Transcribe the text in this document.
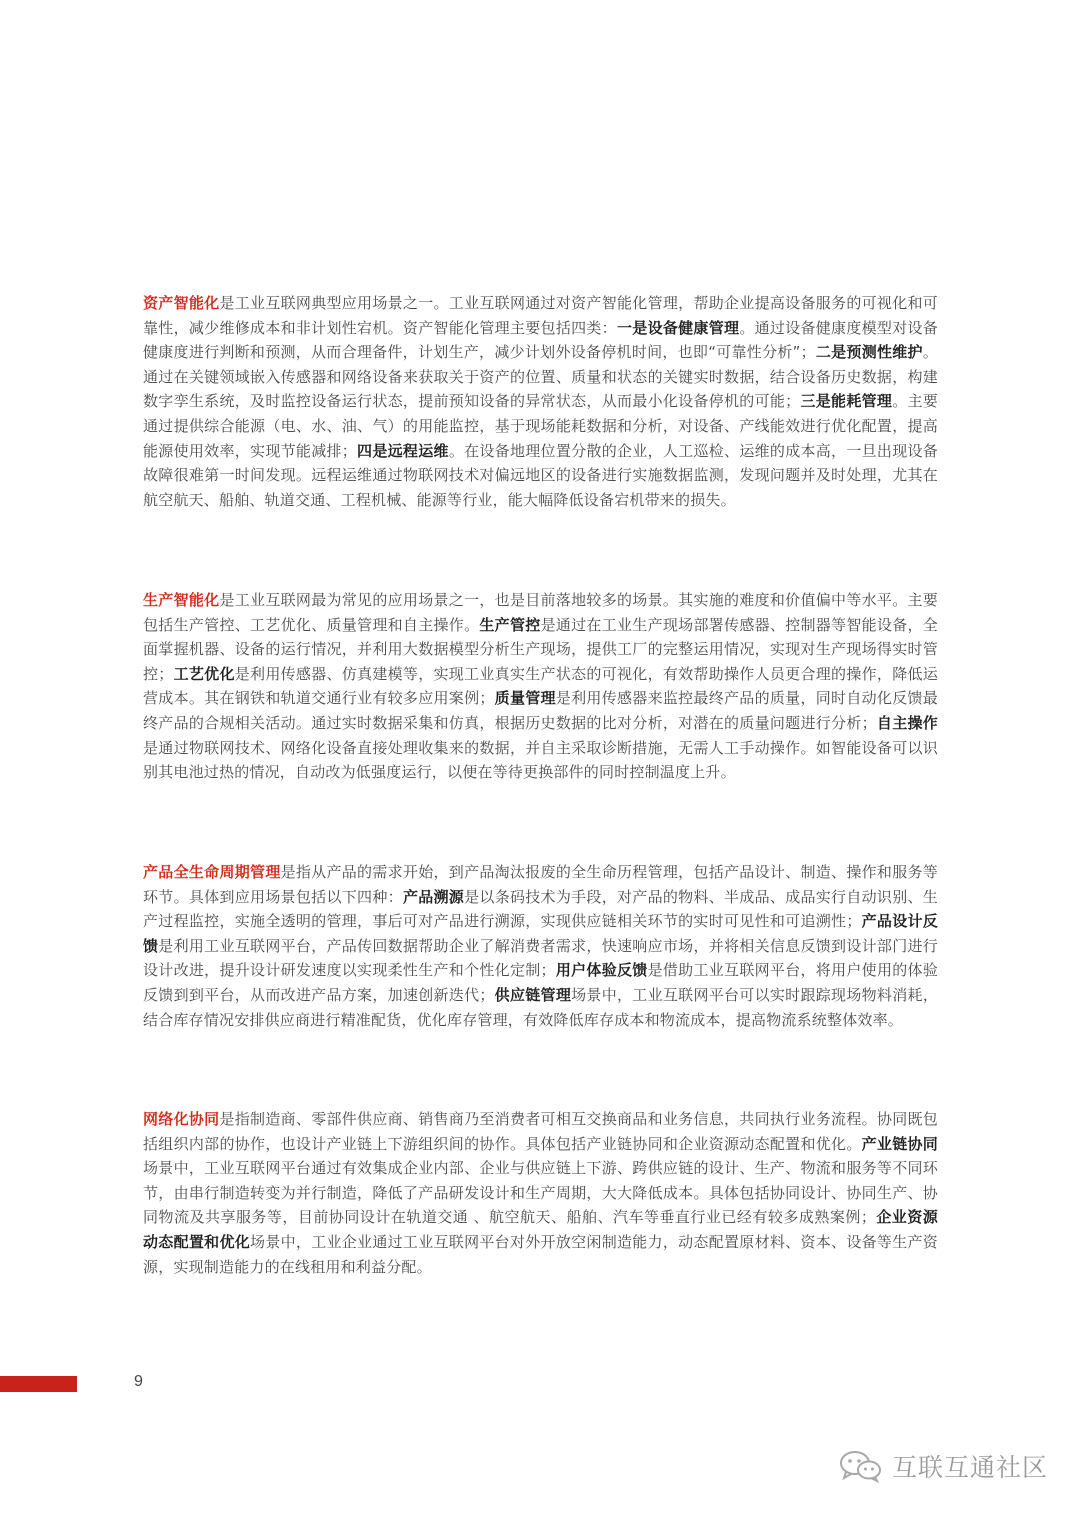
资产智能化是工业互联网典型应用场景之一。工业互联网通过对资产智能化管理，帮助企业提高设备服务的可视化和可靠性，减少维修成本和非计划性宕机。资产智能化管理主要包括四类：一是设备健康管理。通过设备健康度模型对设备健康度进行判断和预测，从而合理备件，计划生产，减少计划外设备停机时间，也即“可靠性分析”；二是预测性维护。通过在关键领域嵌入传感器和网络设备来获取关于资产的位置、质量和状态的关键实时数据，结合设备历史数据，构建数字孪生系统，及时监控设备运行状态，提前预知设备的异常状态，从而最小化设备停机的可能；三是能耗管理。主要通过提供综合能源（电、水、油、气）的用能监控，基于现场能耗数据和分析，对设备、产线能效进行优化配置，提高能源使用效率，实现节能减排；四是远程运维。在设备地理位置分散的企业，人工巡检、运维的成本高，一旦出现设备故障很难第一时间发现。远程运维通过物联网技术对偏远地区的设备进行实施数据监测，发现问题并及时处理，尤其在航空航天、船舶、轨道交通、工程机械、能源等行业，能大幅降低设备宕机带来的损失。

生产智能化是工业互联网最为常见的应用场景之一，也是目前落地较多的场景。其实施的难度和价值偏中等水平。主要包括生产管控、工艺优化、质量管理和自主操作。生产管控是通过在工业生产现场部署传感器、控制器等智能设备，全面掌握机器、设备的运行情况，并利用大数据模型分析生产现场，提供工厂的完整运用情况，实现对生产现场得实时管控；工艺优化是利用传感器、仿真建模等，实现工业真实生产状态的可视化，有效帮助操作人员更合理的操作，降低运营成本。其在钢铁和轨道交通行业有较多应用案例；质量管理是利用传感器来监控最终产品的质量，同时自动化反馈最终产品的合规相关活动。通过实时数据采集和仿真，根据历史数据的比对分析，对潜在的质量问题进行分析；自主操作是通过物联网技术、网络化设备直接处理收集来的数据，并自主采取诊断措施，无需人工手动操作。如智能设备可以识别其电池过热的情况，自动改为低强度运行，以便在等待更换部件的同时控制温度上升。

产品全生命周期管理是指从产品的需求开始，到产品淘汰报废的全生命历程管理，包括产品设计、制造、操作和服务等环节。具体到应用场景包括以下四种：产品溯源是以条码技术为手段，对产品的物料、半成品、成品实行自动识别、生产过程监控，实施全透明的管理，事后可对产品进行溯源，实现供应链相关环节的实时可见性和可追溯性；产品设计反馈是利用工业互联网平台，产品传回数据帮助企业了解消费者需求，快速响应市场，并将相关信息反馈到设计部门进行设计改进，提升设计研发速度以实现柔性生产和个性化定制；用户体验反馈是借助工业互联网平台，将用户使用的体验反馈到到平台，从而改进产品方案，加速创新迭代；供应链管理场景中，工业互联网平台可以实时跟踪现场物料消耗，结合库存情况安排供应商进行精准配货，优化库存管理，有效降低库存成本和物流成本，提高物流系统整体效率。

网络化协同是指制造商、零部件供应商、销售商乃至消费者可相互交换商品和业务信息，共同执行业务流程。协同既包括组织内部的协作，也设计产业链上下游组织间的协作。具体包括产业链协同和企业资源动态配置和优化。产业链协同场景中，工业互联网平台通过有效集成企业内部、企业与供应链上下游、跨供应链的设计、生产、物流和服务等不同环节，由串行制造转变为并行制造，降低了产品研发设计和生产周期，大大降低成本。具体包括协同设计、协同生产、协同物流及共享服务等，目前协同设计在轨道交通 、航空航天、船舶、汽车等垂直行业已经有较多成熟案例；企业资源动态配置和优化场景中，工业企业通过工业互联网平台对外开放空闲制造能力，动态配置原材料、资本、设备等生产资源，实现制造能力的在线租用和利益分配。

9
互联互通社区
